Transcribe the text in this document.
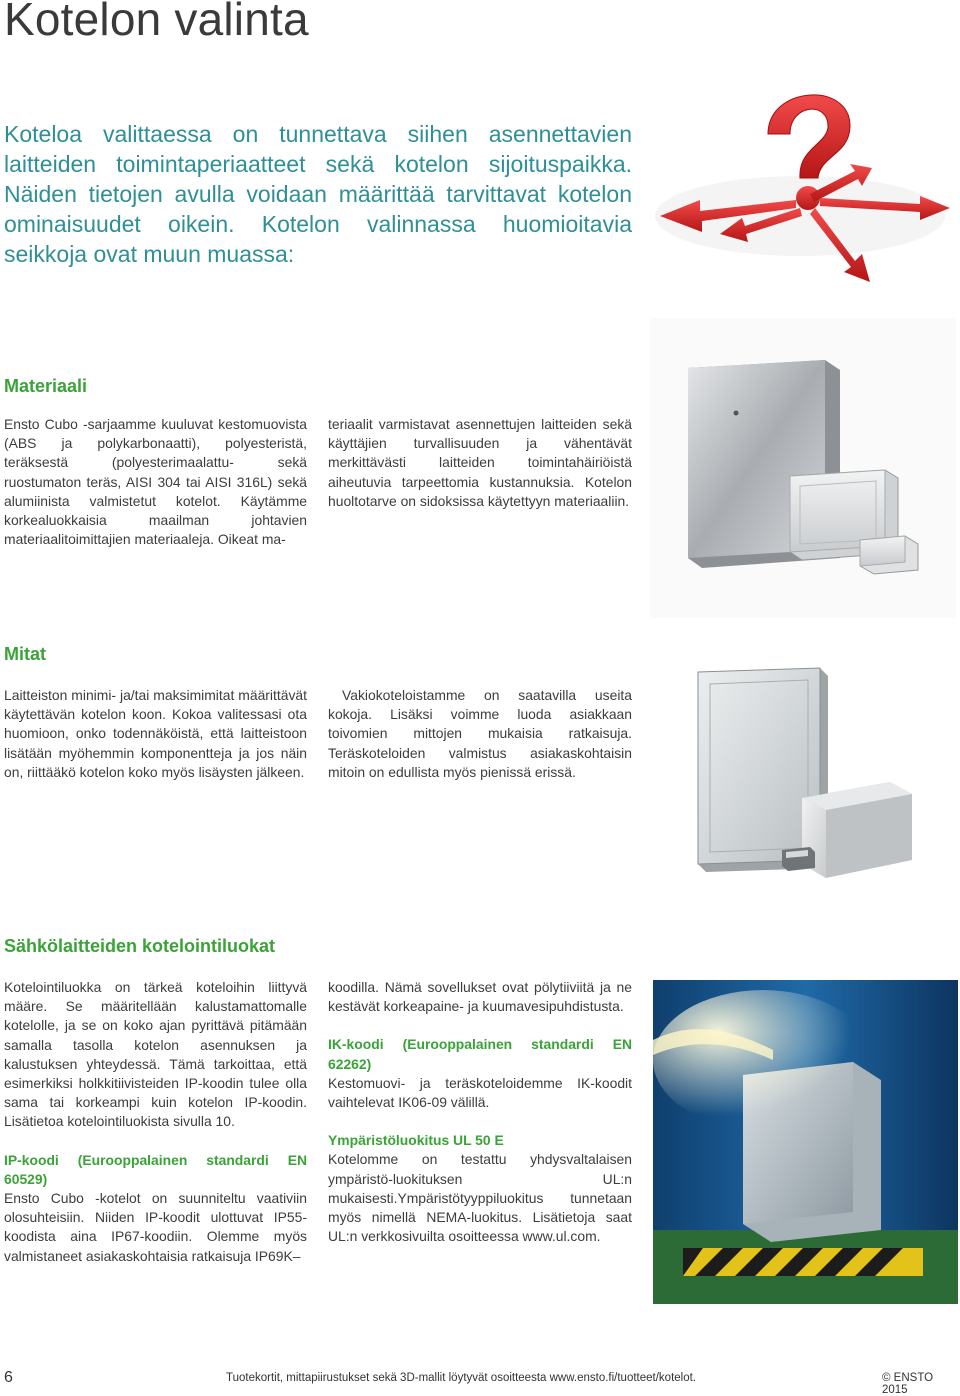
Kotelon valinta

Koteloa valittaessa on tunnettava siihen asennettavien laitteiden toimintaperiaatteet sekä kotelon sijoituspaikka. Näiden tietojen avulla voidaan määrittää tarvittavat kotelon ominaisuudet oikein. Kotelon valinnassa huomioitavia seikkoja ovat muun muassa:

Materiaali

Ensto Cubo -sarjaamme kuuluvat kestomuovista (ABS ja polykarbonaatti), polyesteristä, teräksestä (polyesterimaalattu- sekä ruostumaton teräs, AISI 304 tai AISI 316L) sekä alumiinista valmistetut kotelot. Käytämme korkealuokkaisia maailman johtavien materiaalitoimittajien materiaaleja. Oikeat ma-

teriaalit varmistavat asennettujen laitteiden sekä käyttäjien turvallisuuden ja vähentävät merkittävästi laitteiden toimintahäiriöistä aiheutuvia tarpeettomia kustannuksia. Kotelon huoltotarve on sidoksissa käytettyyn materiaaliin.

Mitat

Laitteiston minimi- ja/tai maksimimitat määrittävät käytettävän kotelon koon. Kokoa valitessasi ota huomioon, onko todennäköistä, että laitteistoon lisätään myöhemmin komponentteja ja jos näin on, riittääkö kotelon koko myös lisäysten jälkeen.

Vakiokoteloistamme on saatavilla useita kokoja. Lisäksi voimme luoda asiakkaan toivomien mittojen mukaisia ratkaisuja. Teräskoteloiden valmistus asiakaskohtaisin mitoin on edullista myös pienissä erissä.

Sähkölaitteiden kotelointiluokat

Kotelointiluokka on tärkeä koteloihin liittyvä määre. Se määritellään kalustamattomalle kotelolle, ja se on koko ajan pyrittävä pitämään samalla tasolla kotelon asennuksen ja kalustuksen yhteydessä. Tämä tarkoittaa, että esimerkiksi holkkitiivisteiden IP-koodin tulee olla sama tai korkeampi kuin kotelon IP-koodin. Lisätietoa kotelointiluokista sivulla 10.

IP-koodi (Eurooppalainen standardi EN 60529)

Ensto Cubo -kotelot on suunniteltu vaativiin olosuhteisiin. Niiden IP-koodit ulottuvat IP55-koodista aina IP67-koodiin. Olemme myös valmistaneet asiakaskohtaisia ratkaisuja IP69K–

koodilla. Nämä sovellukset ovat pölytiiviitä ja ne kestävät korkeapaine- ja kuumavesipuhdistusta.

IK-koodi (Eurooppalainen standardi EN 62262)

Kestomuovi- ja teräskoteloidemme IK-koodit vaihtelevat IK06-09 välillä.

Ympäristöluokitus UL 50 E

Kotelomme on testattu yhdysvaltalaisen ympäristö-luokituksen UL:n mukaisesti.Ympäristötyyppiluokitus tunnetaan myös nimellä NEMA-luokitus. Lisätietoja saat UL:n verkkosivuilta osoitteessa www.ul.com.

6	Tuotekortit, mittapiirustukset sekä 3D-mallit löytyvät osoitteesta www.ensto.fi/tuotteet/kotelot.	© ENSTO 2015
